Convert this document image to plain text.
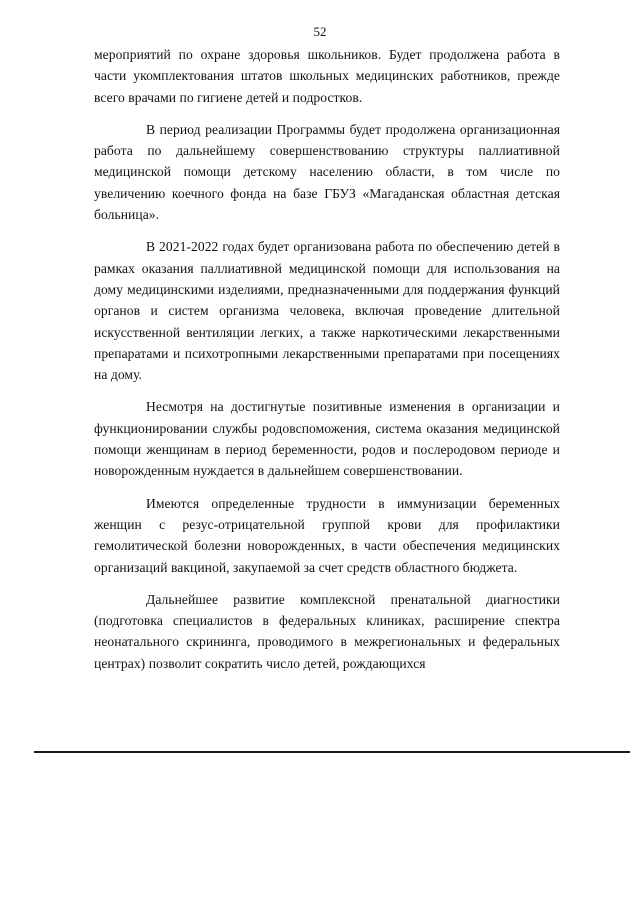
52

мероприятий по охране здоровья школьников. Будет продолжена работа в части укомплектования штатов школьных медицинских работников, прежде всего врачами по гигиене детей и подростков.

В период реализации Программы будет продолжена организационная работа по дальнейшему совершенствованию структуры паллиативной медицинской помощи детскому населению области, в том числе по увеличению коечного фонда на базе ГБУЗ «Магаданская областная детская больница».

В 2021-2022 годах будет организована работа по обеспечению детей в рамках оказания паллиативной медицинской помощи для использования на дому медицинскими изделиями, предназначенными для поддержания функций органов и систем организма человека, включая проведение длительной искусственной вентиляции легких, а также наркотическими лекарственными препаратами и психотропными лекарственными препаратами при посещениях на дому.

Несмотря на достигнутые позитивные изменения в организации и функционировании службы родовспоможения, система оказания медицинской помощи женщинам в период беременности, родов и послеродовом периоде и новорожденным нуждается в дальнейшем совершенствовании.

Имеются определенные трудности в иммунизации беременных женщин с резус-отрицательной группой крови для профилактики гемолитической болезни новорожденных, в части обеспечения медицинских организаций вакциной, закупаемой за счет средств областного бюджета.

Дальнейшее развитие комплексной пренатальной диагностики (подготовка специалистов в федеральных клиниках, расширение спектра неонатального скрининга, проводимого в межрегиональных и федеральных центрах) позволит сократить число детей, рождающихся
